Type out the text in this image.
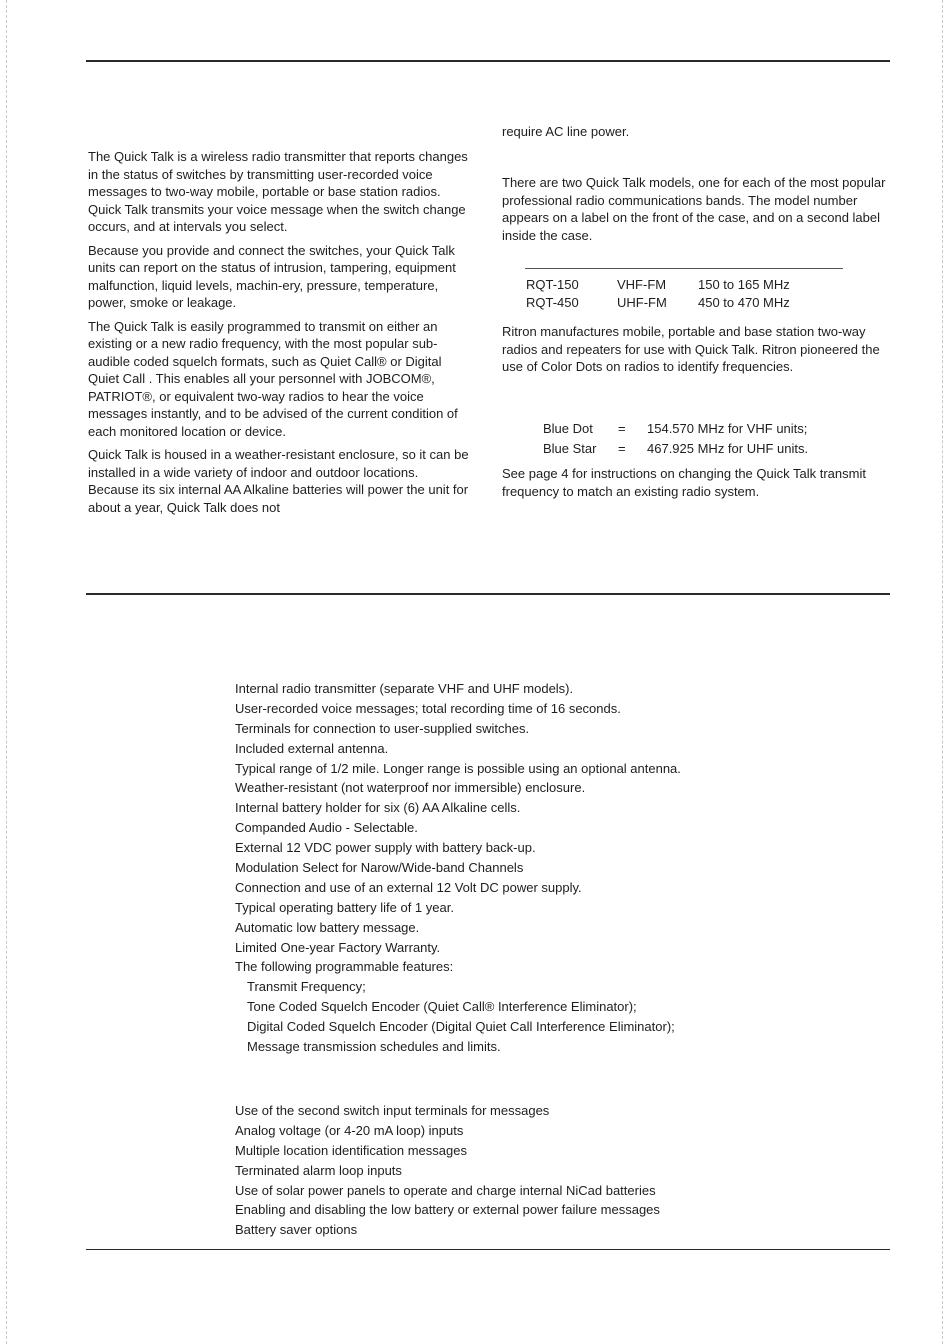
The Quick Talk is a wireless radio transmitter that reports changes in the status of switches by transmitting user-recorded voice messages to two-way mobile, portable or base station radios. Quick Talk transmits your voice message when the switch change occurs, and at intervals you select.

Because you provide and connect the switches, your Quick Talk units can report on the status of intrusion, tampering, equipment malfunction, liquid levels, machin-ery, pressure, temperature, power, smoke or leakage.

The Quick Talk is easily programmed to transmit on either an existing or a new radio frequency, with the most popular sub-audible coded squelch formats, such as Quiet Call® or Digital Quiet Call . This enables all your personnel with JOBCOM®, PATRIOT®, or equivalent two-way radios to hear the voice messages instantly, and to be advised of the current condition of each monitored location or device.

Quick Talk is housed in a weather-resistant enclosure, so it can be installed in a wide variety of indoor and outdoor locations. Because its six internal AA Alkaline batteries will power the unit for about a year, Quick Talk does not

require AC line power.

There are two Quick Talk models, one for each of the most popular professional radio communications bands. The model number appears on a label on the front of the case, and on a second label inside the case.

RQT-150	VHF-FM 150 to 165 MHz
RQT-450	UHF-FM 450 to 470 MHz

Ritron manufactures mobile, portable and base station two-way radios and repeaters for use with Quick Talk. Ritron pioneered the use of Color Dots on radios to identify frequencies.

Blue Dot = 154.570 MHz for VHF units;
Blue Star = 467.925 MHz for UHF units.

See page 4 for instructions on changing the Quick Talk transmit frequency to match an existing radio system.

Internal radio transmitter (separate VHF and UHF models).
User-recorded voice messages; total recording time of 16 seconds.
Terminals for connection to user-supplied switches.
Included external antenna.
Typical range of 1/2 mile. Longer range is possible using an optional antenna.
Weather-resistant (not waterproof nor immersible) enclosure.
Internal battery holder for six (6) AA Alkaline cells.
Companded Audio - Selectable.
External 12 VDC power supply with battery back-up.
Modulation Select for Narow/Wide-band Channels
Connection and use of an external 12 Volt DC power supply.
Typical operating battery life of 1 year.
Automatic low battery message.
Limited One-year Factory Warranty.
The following programmable features:
Transmit Frequency;
Tone Coded Squelch Encoder (Quiet Call® Interference Eliminator);
Digital Coded Squelch Encoder (Digital Quiet Call Interference Eliminator);
Message transmission schedules and limits.
Use of the second switch input terminals for messages
Analog voltage (or 4-20 mA loop) inputs
Multiple location identification messages
Terminated alarm loop inputs
Use of solar power panels to operate and charge internal NiCad batteries
Enabling and disabling the low battery or external power failure messages
Battery saver options
